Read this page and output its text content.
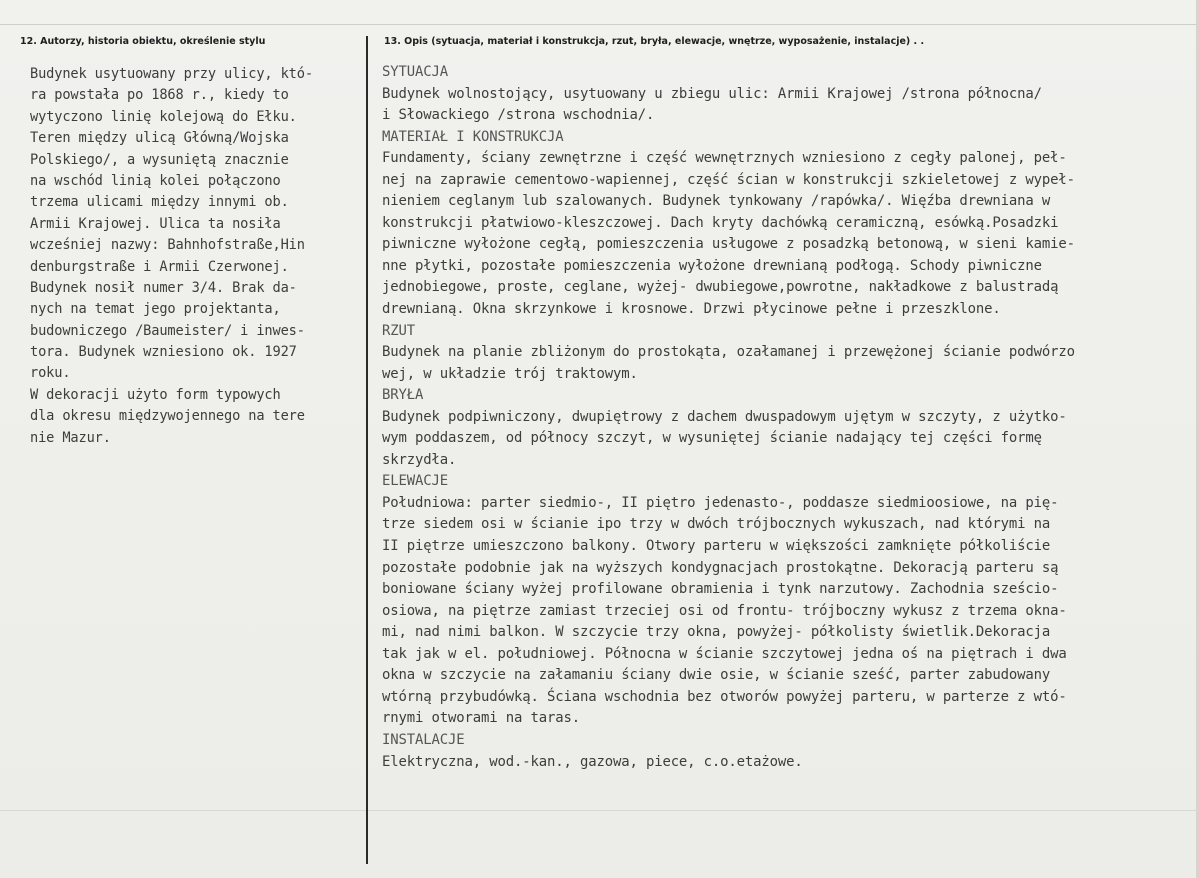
12. Autorzy, historia obiektu, określenie stylu	13. Opis (sytuacja, materiał i konstrukcja, rzut, bryła, elewacje, wnętrze, wyposażenie, instalacje) . .
Budynek usytuowany przy ulicy, któ-
ra powstała po 1868 r., kiedy to
wytyczono linię kolejową do Ełku.
Teren między ulicą Główną/Wojska
Polskiego/, a wysuniętą znacznie
na wschód linią kolei połączono
trzema ulicami między innymi ob.
Armii Krajowej. Ulica ta nosiła
wcześniej nazwy: Bahnhofstraße,Hin
denburgstraße i Armii Czerwonej.
Budynek nosił numer 3/4. Brak da-
nych na temat jego projektanta,
budowniczego /Baumeister/ i inwes-
tora. Budynek wzniesiono ok. 1927
roku.
W dekoracji użyto form typowych
dla okresu międzywojennego na tere
nie Mazur.
SYTUACJA
Budynek wolnostojący, usytuowany u zbiegu ulic: Armii Krajowej /strona północna/
i Słowackiego /strona wschodnia/.
MATERIAŁ I KONSTRUKCJA
Fundamenty, ściany zewnętrzne i część wewnętrznych wzniesiono z cegły palonej, peł-
nej na zaprawie cementowo-wapiennej, część ścian w konstrukcji szkieletowej z wypeł-
nieniem ceglanym lub szalowanych. Budynek tynkowany /rapówka/. Więźba drewniana w
konstrukcji płatwiowo-kleszczowej. Dach kryty dachówką ceramiczną, esówką.Posadzki
piwniczne wyłożone cegłą, pomieszczenia usługowe z posadzką betonową, w sieni kamie-
nne płytki, pozostałe pomieszczenia wyłożone drewnianą podłogą. Schody piwniczne
jednobiegowe, proste, ceglane, wyżej- dwubiegowe,powrotne, nakładkowe z balustradą
drewnianą. Okna skrzynkowe i krosnowe. Drzwi płycinowe pełne i przeszklone.
RZUT
Budynek na planie zbliżonym do prostokąta, ozałamanej i przewężonej ścianie podwórzo
wej, w układzie trój traktowym.
BRYŁA
Budynek podpiwniczony, dwupiętrowy z dachem dwuspadowym ujętym w szczyty, z użytko-
wym poddaszem, od północy szczyt, w wysuniętej ścianie nadający tej części formę
skrzydła.
ELEWACJE
Południowa: parter siedmio-, II piętro jedenasto-, poddasze siedmioosiowe, na pię-
trze siedem osi w ścianie ipo trzy w dwóch trójbocznych wykuszach, nad którymi na
II piętrze umieszczono balkony. Otwory parteru w większości zamknięte półkoliście
pozostałe podobnie jak na wyższych kondygnacjach prostokątne. Dekoracją parteru są
boniowane ściany wyżej profilowane obramienia i tynk narzutowy. Zachodnia sześcio-
osiowa, na piętrze zamiast trzeciej osi od frontu- trójboczny wykusz z trzema okna-
mi, nad nimi balkon. W szczycie trzy okna, powyżej- półkolisty świetlik.Dekoracja
tak jak w el. południowej. Północna w ścianie szczytowej jedna oś na piętrach i dwa
okna w szczycie na załamaniu ściany dwie osie, w ścianie sześć, parter zabudowany
wtórną przybudówką. Ściana wschodnia bez otworów powyżej parteru, w parterze z wtó-
rnymi otworami na taras.
INSTALACJE
Elektryczna, wod.-kan., gazowa, piece, c.o.etażowe.
